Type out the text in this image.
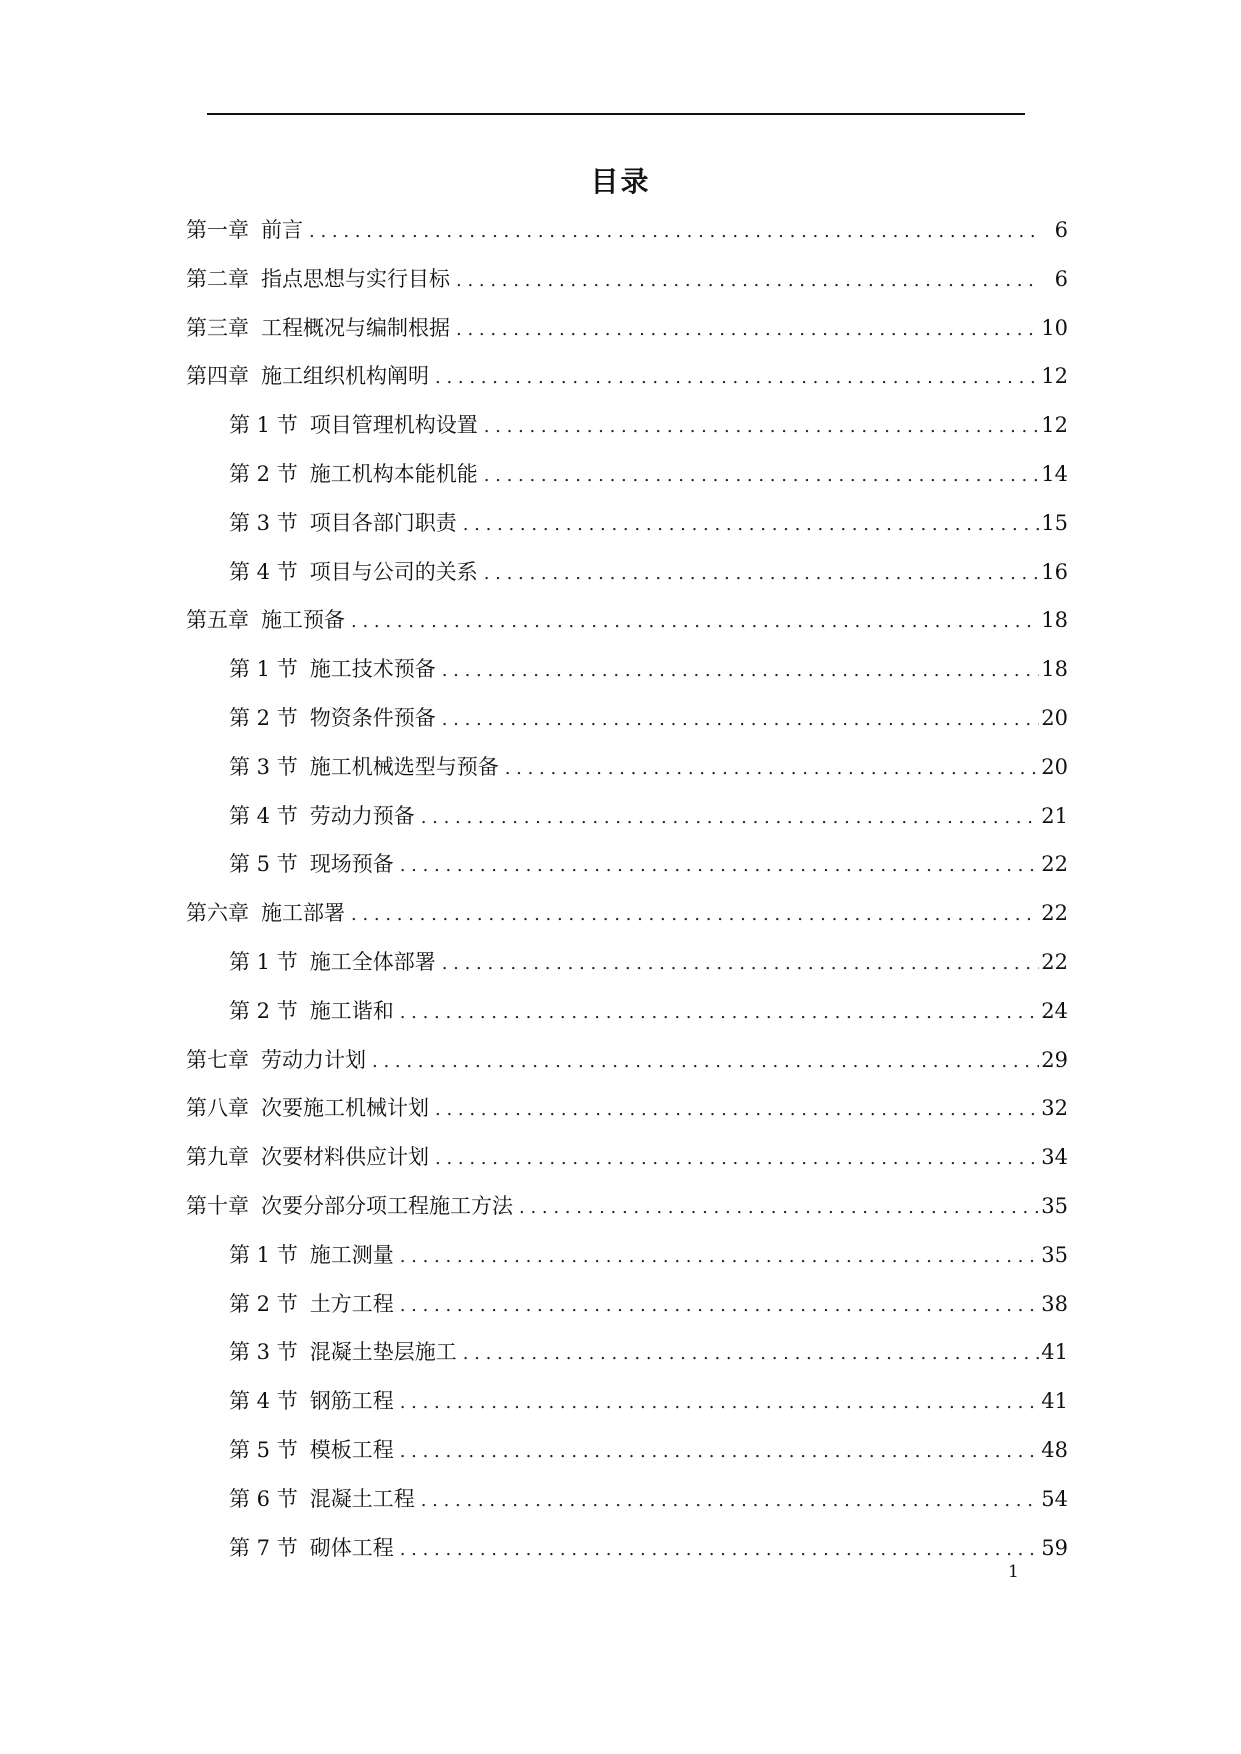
目录
第一章 前言 . . .	6
第二章 指点思想与实行目标 . . .	6
第三章 工程概况与编制根据 . . .	10
第四章 施工组织机构阐明 . . .	12
第 1 节 项目管理机构设置 . . .	12
第 2 节 施工机构本能机能 . . .	14
第 3 节 项目各部门职责 . . .	15
第 4 节 项目与公司的关系 . . .	16
第五章 施工预备 . . .	18
第 1 节 施工技术预备 . . .	18
第 2 节 物资条件预备 . . .	20
第 3 节 施工机械选型与预备 . . .	20
第 4 节 劳动力预备 . . .	21
第 5 节 现场预备 . . .	22
第六章 施工部署 . . .	22
第 1 节 施工全体部署 . . .	22
第 2 节 施工谐和 . . .	24
第七章 劳动力计划 . . .	29
第八章 次要施工机械计划 . . .	32
第九章 次要材料供应计划 . . .	34
第十章 次要分部分项工程施工方法 . . .	35
第 1 节 施工测量 . . .	35
第 2 节 土方工程 . . .	38
第 3 节 混凝土垫层施工 . . .	41
第 4 节 钢筋工程 . . .	41
第 5 节 模板工程 . . .	48
第 6 节 混凝土工程 . . .	54
第 7 节 砌体工程 . . .	59
1
